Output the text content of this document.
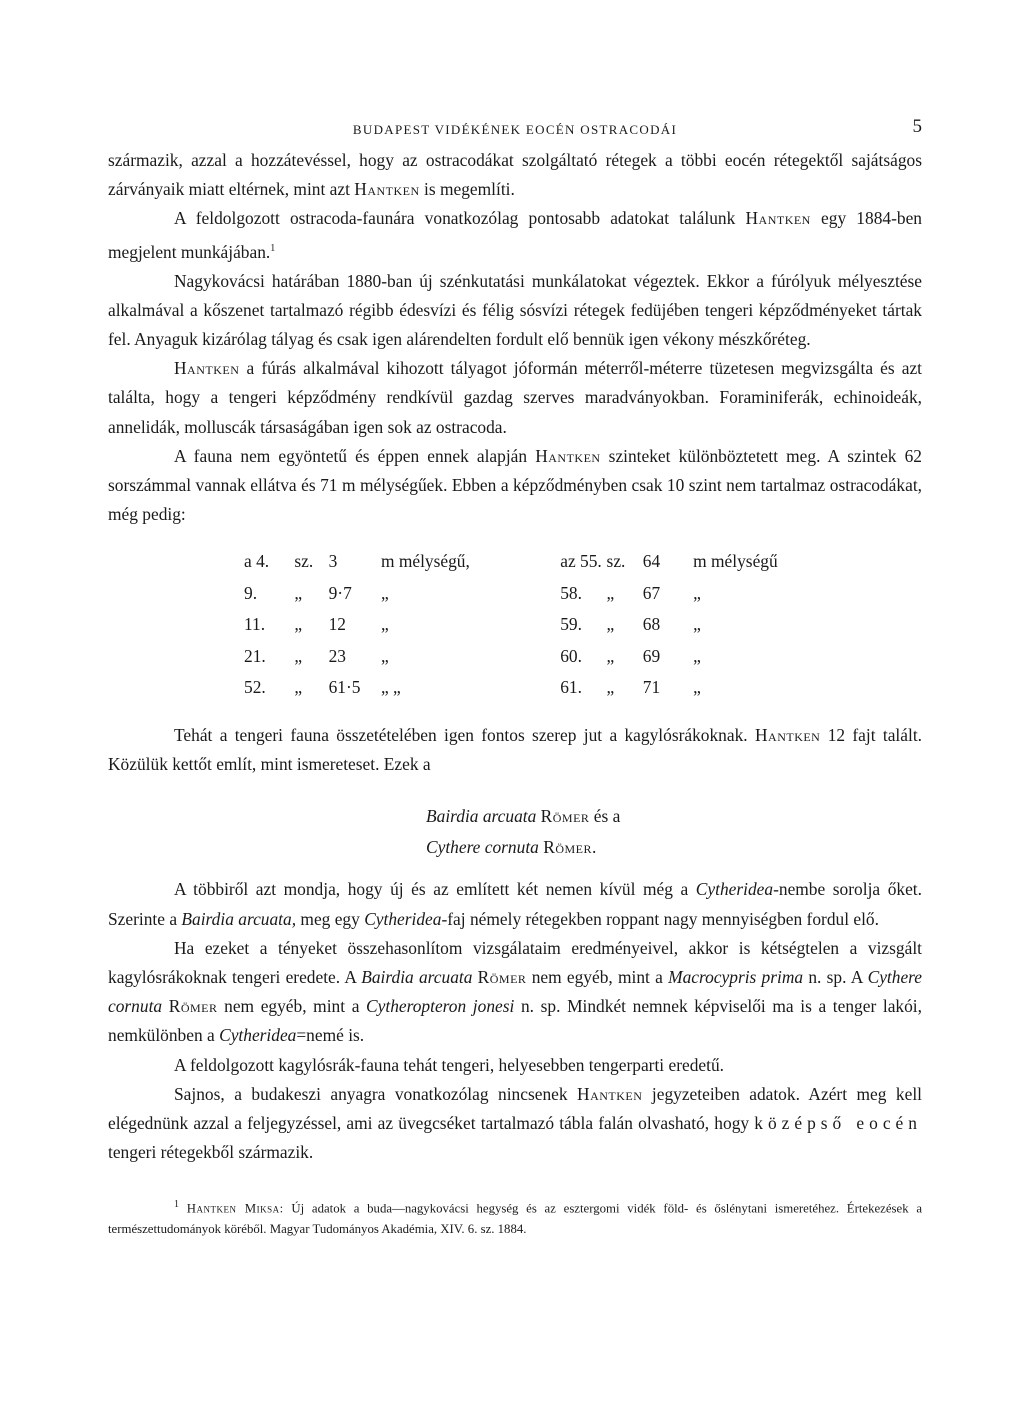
BUDAPEST VIDÉKÉNEK EOCÉN OSTRACODÁI	5

származik, azzal a hozzátevéssel, hogy az ostracodákat szolgáltató rétegek a többi eocén rétegektől sajátságos zárványaik miatt eltérnek, mint azt Hantken is megemlíti.

A feldolgozott ostracoda-faunára vonatkozólag pontosabb adatokat találunk Hantken egy 1884-ben megjelent munkájában.$^1$

Nagykovácsi határában 1880-ban új szénkutatási munkálatokat végeztek. Ekkor a fúrólyuk mélyesztése alkalmával a kőszenet tartalmazó régibb édesvízi és félig sósvízi rétegek fedüjében tengeri képződményeket tártak fel. Anyaguk kizárólag tályag és csak igen alárendelten fordult elő bennük igen vékony mészkőréteg.

Hantken a fúrás alkalmával kihozott tályagot jóformán méterről-méterre tüzetesen megvizsgálta és azt találta, hogy a tengeri képződmény rendkívül gazdag szerves maradványokban. Foraminiferák, echinoideák, annelidák, molluscák társaságában igen sok az ostracoda.

A fauna nem egyöntetű és éppen ennek alapján Hantken szinteket különböztetett meg. A szintek 62 sorszámmal vannak ellátva és 71 m mélységűek. Ebben a képződményben csak 10 szint nem tartalmaz ostracodákat, még pedig:

a 4.	sz.	3	m mélységű,	az 55.	sz.	64	m mélységű
9.	„	9·7	„	58.	„	67	„
11.	„	12	„	59.	„	68	„
21.	„	23	„	60.	„	69	„
52.	„	61·5	„ „	61.	„	71	„

Tehát a tengeri fauna összetételében igen fontos szerep jut a kagylósrákoknak. Hantken 12 fajt talált. Közülük kettőt említ, mint ismereteset. Ezek a

Bairdia arcuata Römer és a
Cythere cornuta Römer.

A többiről azt mondja, hogy új és az említett két nemen kívül még a Cytheridea-nembe sorolja őket. Szerinte a Bairdia arcuata, meg egy Cytheridea-faj némely rétegekben roppant nagy mennyiségben fordul elő.

Ha ezeket a tényeket összehasonlítom vizsgálataim eredményeivel, akkor is kétségtelen a vizsgált kagylósrákoknak tengeri eredete. A Bairdia arcuata Römer nem egyéb, mint a Macrocypris prima n. sp. A Cythere cornuta Römer nem egyéb, mint a Cytheropteron jonesi n. sp. Mindkét nemnek képviselői ma is a tenger lakói, nemkülönben a Cytheridea=nemé is.

A feldolgozott kagylósrák-fauna tehát tengeri, helyesebben tengerparti eredetű.

Sajnos, a budakeszi anyagra vonatkozólag nincsenek Hantken jegyzeteiben adatok. Azért meg kell elégednünk azzal a feljegyzéssel, ami az üvegcséket tartalmazó tábla falán olvasható, hogy középső eocén tengeri rétegekből származik.

$^1$ Hantken Miksa: Új adatok a buda—nagykovácsi hegység és az esztergomi vidék föld- és őslénytani ismeretéhez. Értekezések a természettudományok köréből. Magyar Tudományos Akadémia, XIV. 6. sz. 1884.
